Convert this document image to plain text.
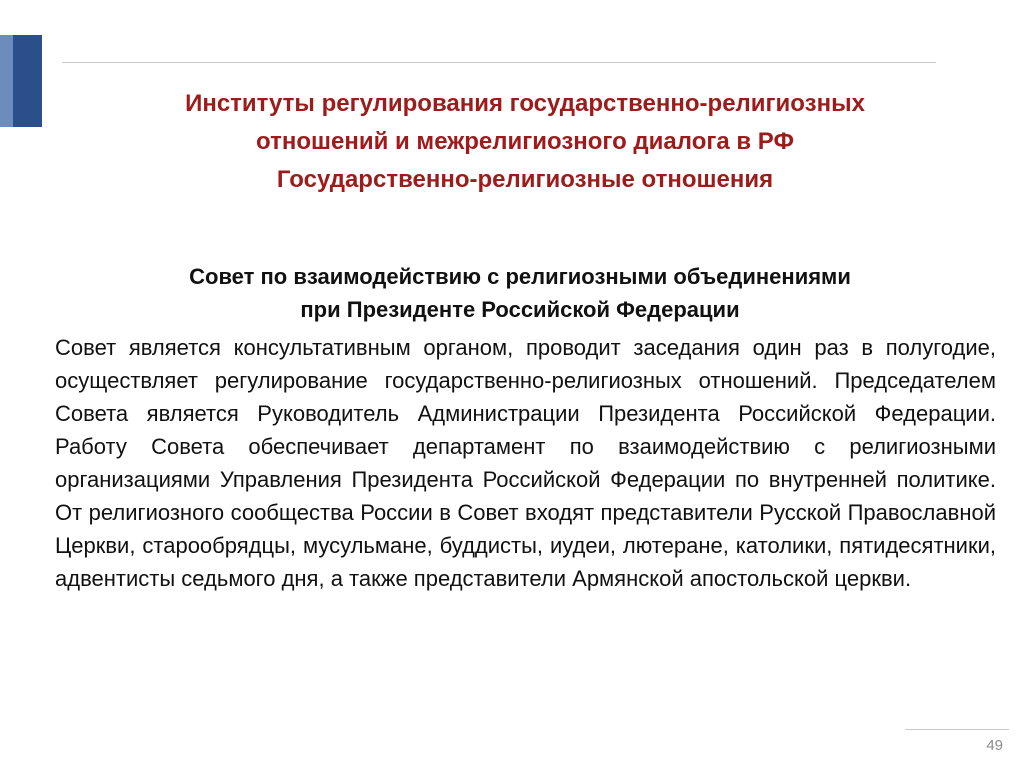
Институты регулирования государственно-религиозных
отношений и межрелигиозного диалога в РФ
Государственно-религиозные отношения
Совет по взаимодействию с религиозными объединениями
при Президенте Российской Федерации

Совет является консультативным органом, проводит заседания один раз в полугодие, осуществляет регулирование государственно-религиозных отношений. Председателем Совета является Руководитель Администрации Президента Российской Федерации. Работу Совета обеспечивает департамент по взаимодействию с религиозными организациями Управления Президента Российской Федерации по внутренней политике. От религиозного сообщества России в Совет входят представители Русской Православной Церкви, старообрядцы, мусульмане, буддисты, иудеи, лютеране, католики, пятидесятники, адвентисты седьмого дня, а также представители Армянской апостольской церкви.

49
